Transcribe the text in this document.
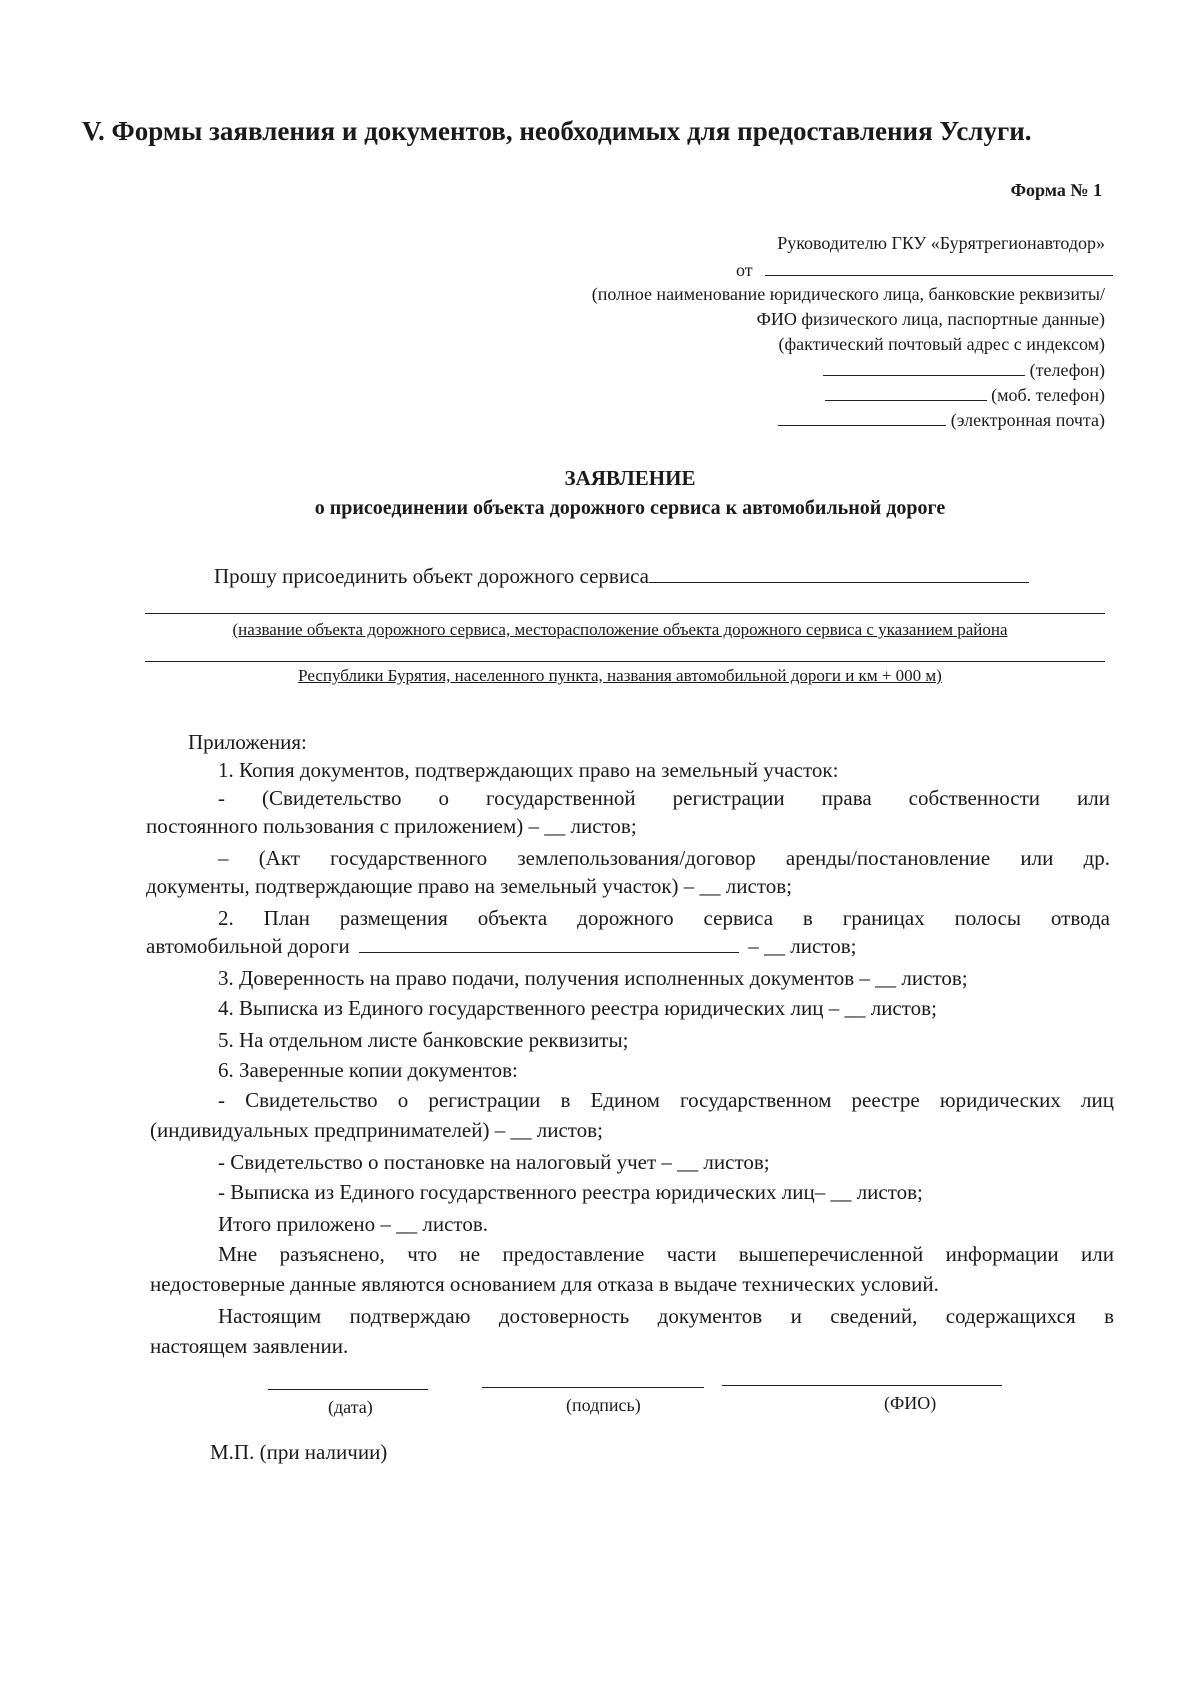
V. Формы заявления и документов, необходимых для предоставления Услуги.
Форма № 1
Руководителю ГКУ «Бурятрегионавтодор»
от
(полное наименование юридического лица, банковские реквизиты/
ФИО физического лица, паспортные данные)
(фактический почтовый адрес с индексом)
(телефон)
(моб. телефон)
(электронная почта)
ЗАЯВЛЕНИЕ
о присоединении объекта дорожного сервиса к автомобильной дороге
Прошу присоединить объект дорожного сервиса
(название объекта дорожного сервиса, месторасположение объекта дорожного сервиса с указанием района
Республики Бурятия, населенного пункта, названия автомобильной дороги и км + 000 м)
Приложения:
1. Копия документов, подтверждающих право на земельный участок:
- (Свидетельство о государственной регистрации права собственности или
постоянного пользования с приложением) – __ листов;
– (Акт государственного землепользования/договор аренды/постановление или др.
документы, подтверждающие право на земельный участок) – __ листов;
2. План размещения объекта дорожного сервиса в границах полосы отвода
автомобильной дороги	– __ листов;
3. Доверенность на право подачи, получения исполненных документов – __ листов;
4. Выписка из Единого государственного реестра юридических лиц – __ листов;
5. На отдельном листе банковские реквизиты;
6. Заверенные копии документов:
- Свидетельство о регистрации в Едином государственном реестре юридических лиц
(индивидуальных предпринимателей) – __ листов;
- Свидетельство о постановке на налоговый учет – __ листов;
- Выписка из Единого государственного реестра юридических лиц– __ листов;
Итого приложено – __ листов.
Мне разъяснено, что не предоставление части вышеперечисленной информации или
недостоверные данные являются основанием для отказа в выдаче технических условий.
Настоящим подтверждаю достоверность документов и сведений, содержащихся в
настоящем заявлении.
(дата)	(подпись)	(ФИО)
М.П. (при наличии)
